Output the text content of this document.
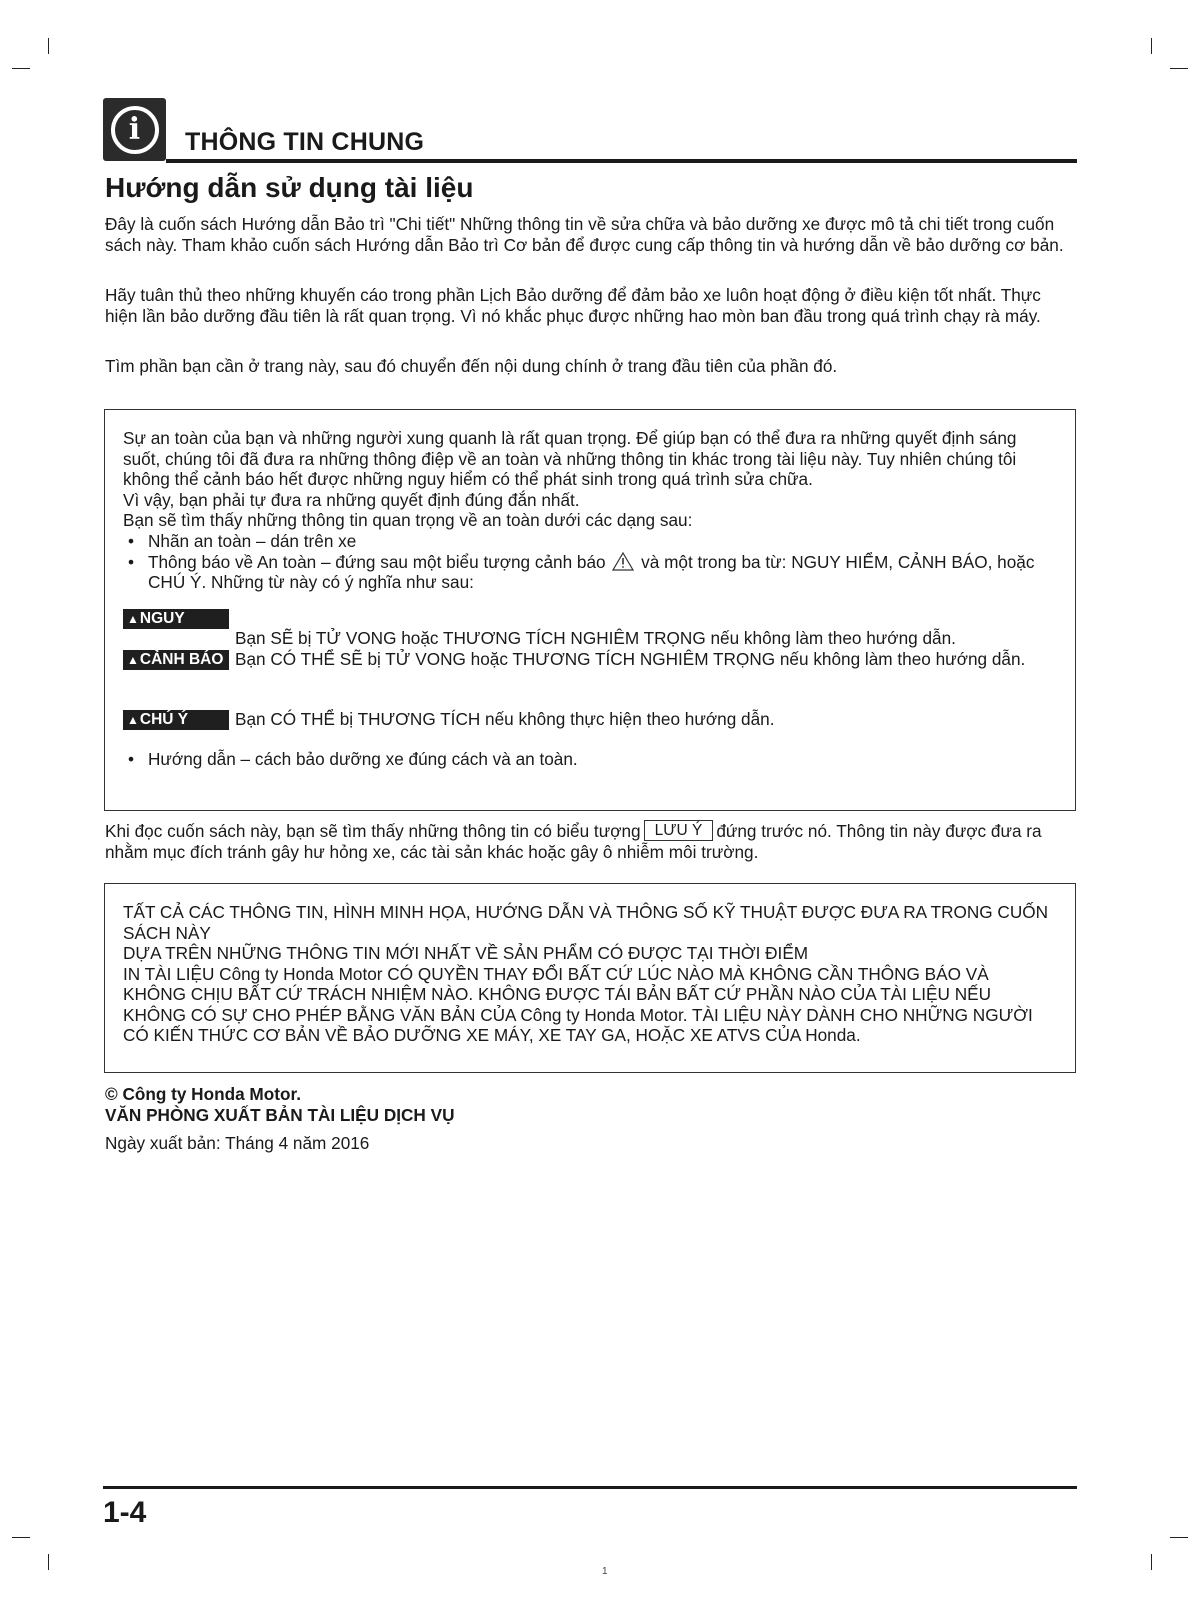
i	THÔNG TIN CHUNG
Hướng dẫn sử dụng tài liệu

Đây là cuốn sách Hướng dẫn Bảo trì "Chi tiết" Những thông tin về sửa chữa và bảo dưỡng xe được mô tả chi tiết trong cuốn sách này. Tham khảo cuốn sách Hướng dẫn Bảo trì Cơ bản để được cung cấp thông tin và hướng dẫn về bảo dưỡng cơ bản.

Hãy tuân thủ theo những khuyến cáo trong phần Lịch Bảo dưỡng để đảm bảo xe luôn hoạt động ở điều kiện tốt nhất. Thực hiện lần bảo dưỡng đầu tiên là rất quan trọng. Vì nó khắc phục được những hao mòn ban đầu trong quá trình chạy rà máy.

Tìm phần bạn cần ở trang này, sau đó chuyển đến nội dung chính ở trang đầu tiên của phần đó.

Sự an toàn của bạn và những người xung quanh là rất quan trọng. Để giúp bạn có thể đưa ra những quyết định sáng suốt, chúng tôi đã đưa ra những thông điệp về an toàn và những thông tin khác trong tài liệu này. Tuy nhiên chúng tôi không thể cảnh báo hết được những nguy hiểm có thể phát sinh trong quá trình sửa chữa.

Vì vậy, bạn phải tự đưa ra những quyết định đúng đắn nhất.

Bạn sẽ tìm thấy những thông tin quan trọng về an toàn dưới các dạng sau:

• Nhãn an toàn – dán trên xe
• Thông báo về An toàn – đứng sau một biểu tượng cảnh báo và một trong ba từ: NGUY HIỂM, CẢNH BÁO, hoặc CHÚ Ý. Những từ này có ý nghĩa như sau:
▲NGUY HIỂM	Bạn SẼ bị TỬ VONG hoặc THƯƠNG TÍCH NGHIÊM TRỌNG nếu không làm theo hướng dẫn.
▲CẢNH BÁO Bạn CÓ THỂ SẼ bị TỬ VONG hoặc THƯƠNG TÍCH NGHIÊM TRỌNG nếu không làm theo hướng dẫn.
▲CHÚ Ý	Bạn CÓ THỂ bị THƯƠNG TÍCH nếu không thực hiện theo hướng dẫn.
• Hướng dẫn – cách bảo dưỡng xe đúng cách và an toàn.

Khi đọc cuốn sách này, bạn sẽ tìm thấy những thông tin có biểu tượng LƯU Ý đứng trước nó. Thông tin này được đưa ra nhằm mục đích tránh gây hư hỏng xe, các tài sản khác hoặc gây ô nhiễm môi trường.

TẤT CẢ CÁC THÔNG TIN, HÌNH MINH HỌA, HƯỚNG DẪN VÀ THÔNG SỐ KỸ THUẬT ĐƯỢC ĐƯA RA TRONG CUỐN SÁCH NÀY
DỰA TRÊN NHỮNG THÔNG TIN MỚI NHẤT VỀ SẢN PHẨM CÓ ĐƯỢC TẠI THỜI ĐIỂM
IN TÀI LIỆU Công ty Honda Motor CÓ QUYỀN THAY ĐỔI BẤT CỨ LÚC NÀO MÀ KHÔNG CẦN THÔNG BÁO VÀ KHÔNG CHỊU BẤT CỨ TRÁCH NHIỆM NÀO. KHÔNG ĐƯỢC TÁI BẢN BẤT CỨ PHẦN NÀO CỦA TÀI LIỆU NẾU KHÔNG CÓ SỰ CHO PHÉP BẰNG VĂN BẢN CỦA Công ty Honda Motor. TÀI LIỆU NÀY DÀNH CHO NHỮNG NGƯỜI CÓ KIẾN THỨC CƠ BẢN VỀ BẢO DƯỠNG XE MÁY, XE TAY GA, HOẶC XE ATVS CỦA Honda.

© Công ty Honda Motor.
VĂN PHÒNG XUẤT BẢN TÀI LIỆU DỊCH VỤ

Ngày xuất bản: Tháng 4 năm 2016

1-4
1
